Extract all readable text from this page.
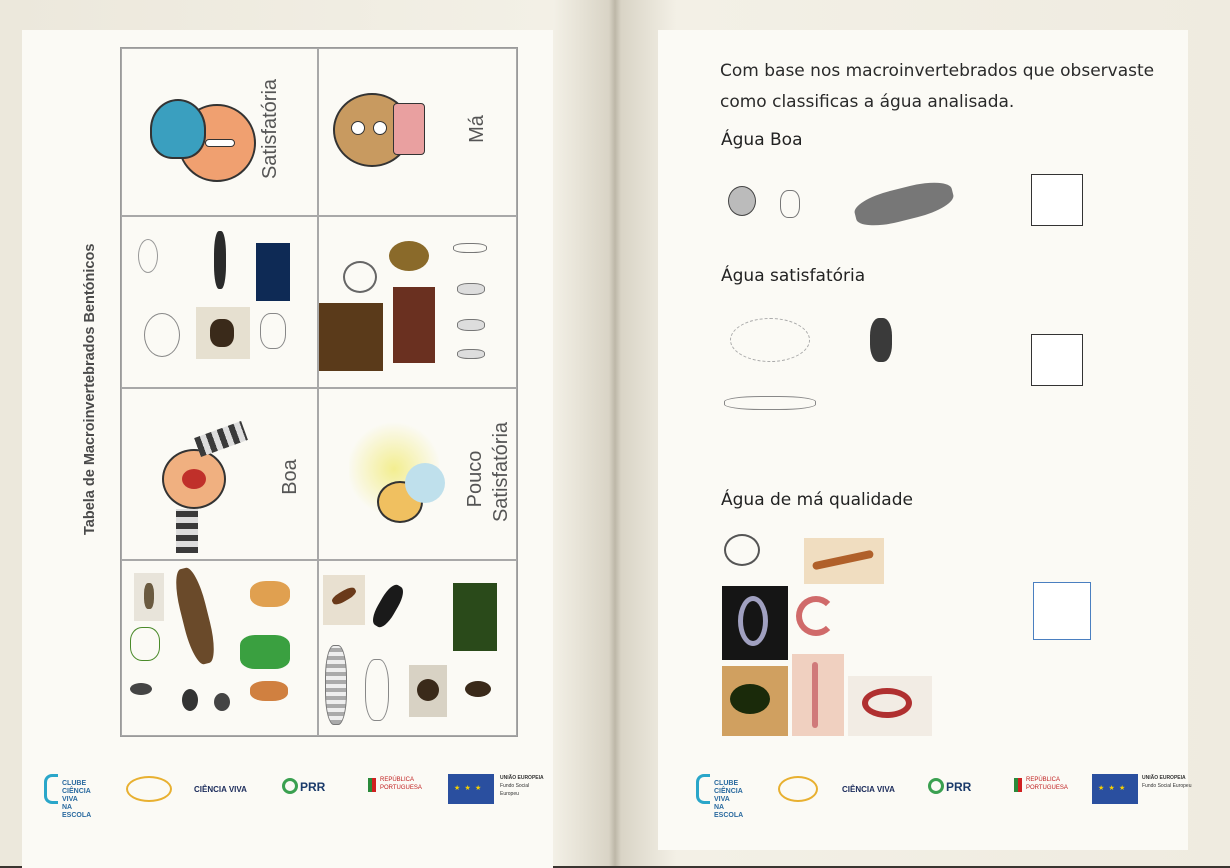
Tabela de Macroinvertebrados Bentónicos
Satisfatória	Má
Boa	Pouco Satisfatória
CLUBE
CIÊNCIA VIVA
NA ESCOLA
CIÊNCIA VIVA	PRR	REPÚBLICA
PORTUGUESA
★ ★ ★
UNIÃO EUROPEIA
Fundo Social Europeu
Com base nos macroinvertebrados que observaste como classificas a água analisada.
Água Boa
Água satisfatória
Água de má qualidade
CLUBE
CIÊNCIA VIVA
NA ESCOLA
CIÊNCIA VIVA	PRR	REPÚBLICA
PORTUGUESA
★ ★ ★
UNIÃO EUROPEIA
Fundo Social Europeu
